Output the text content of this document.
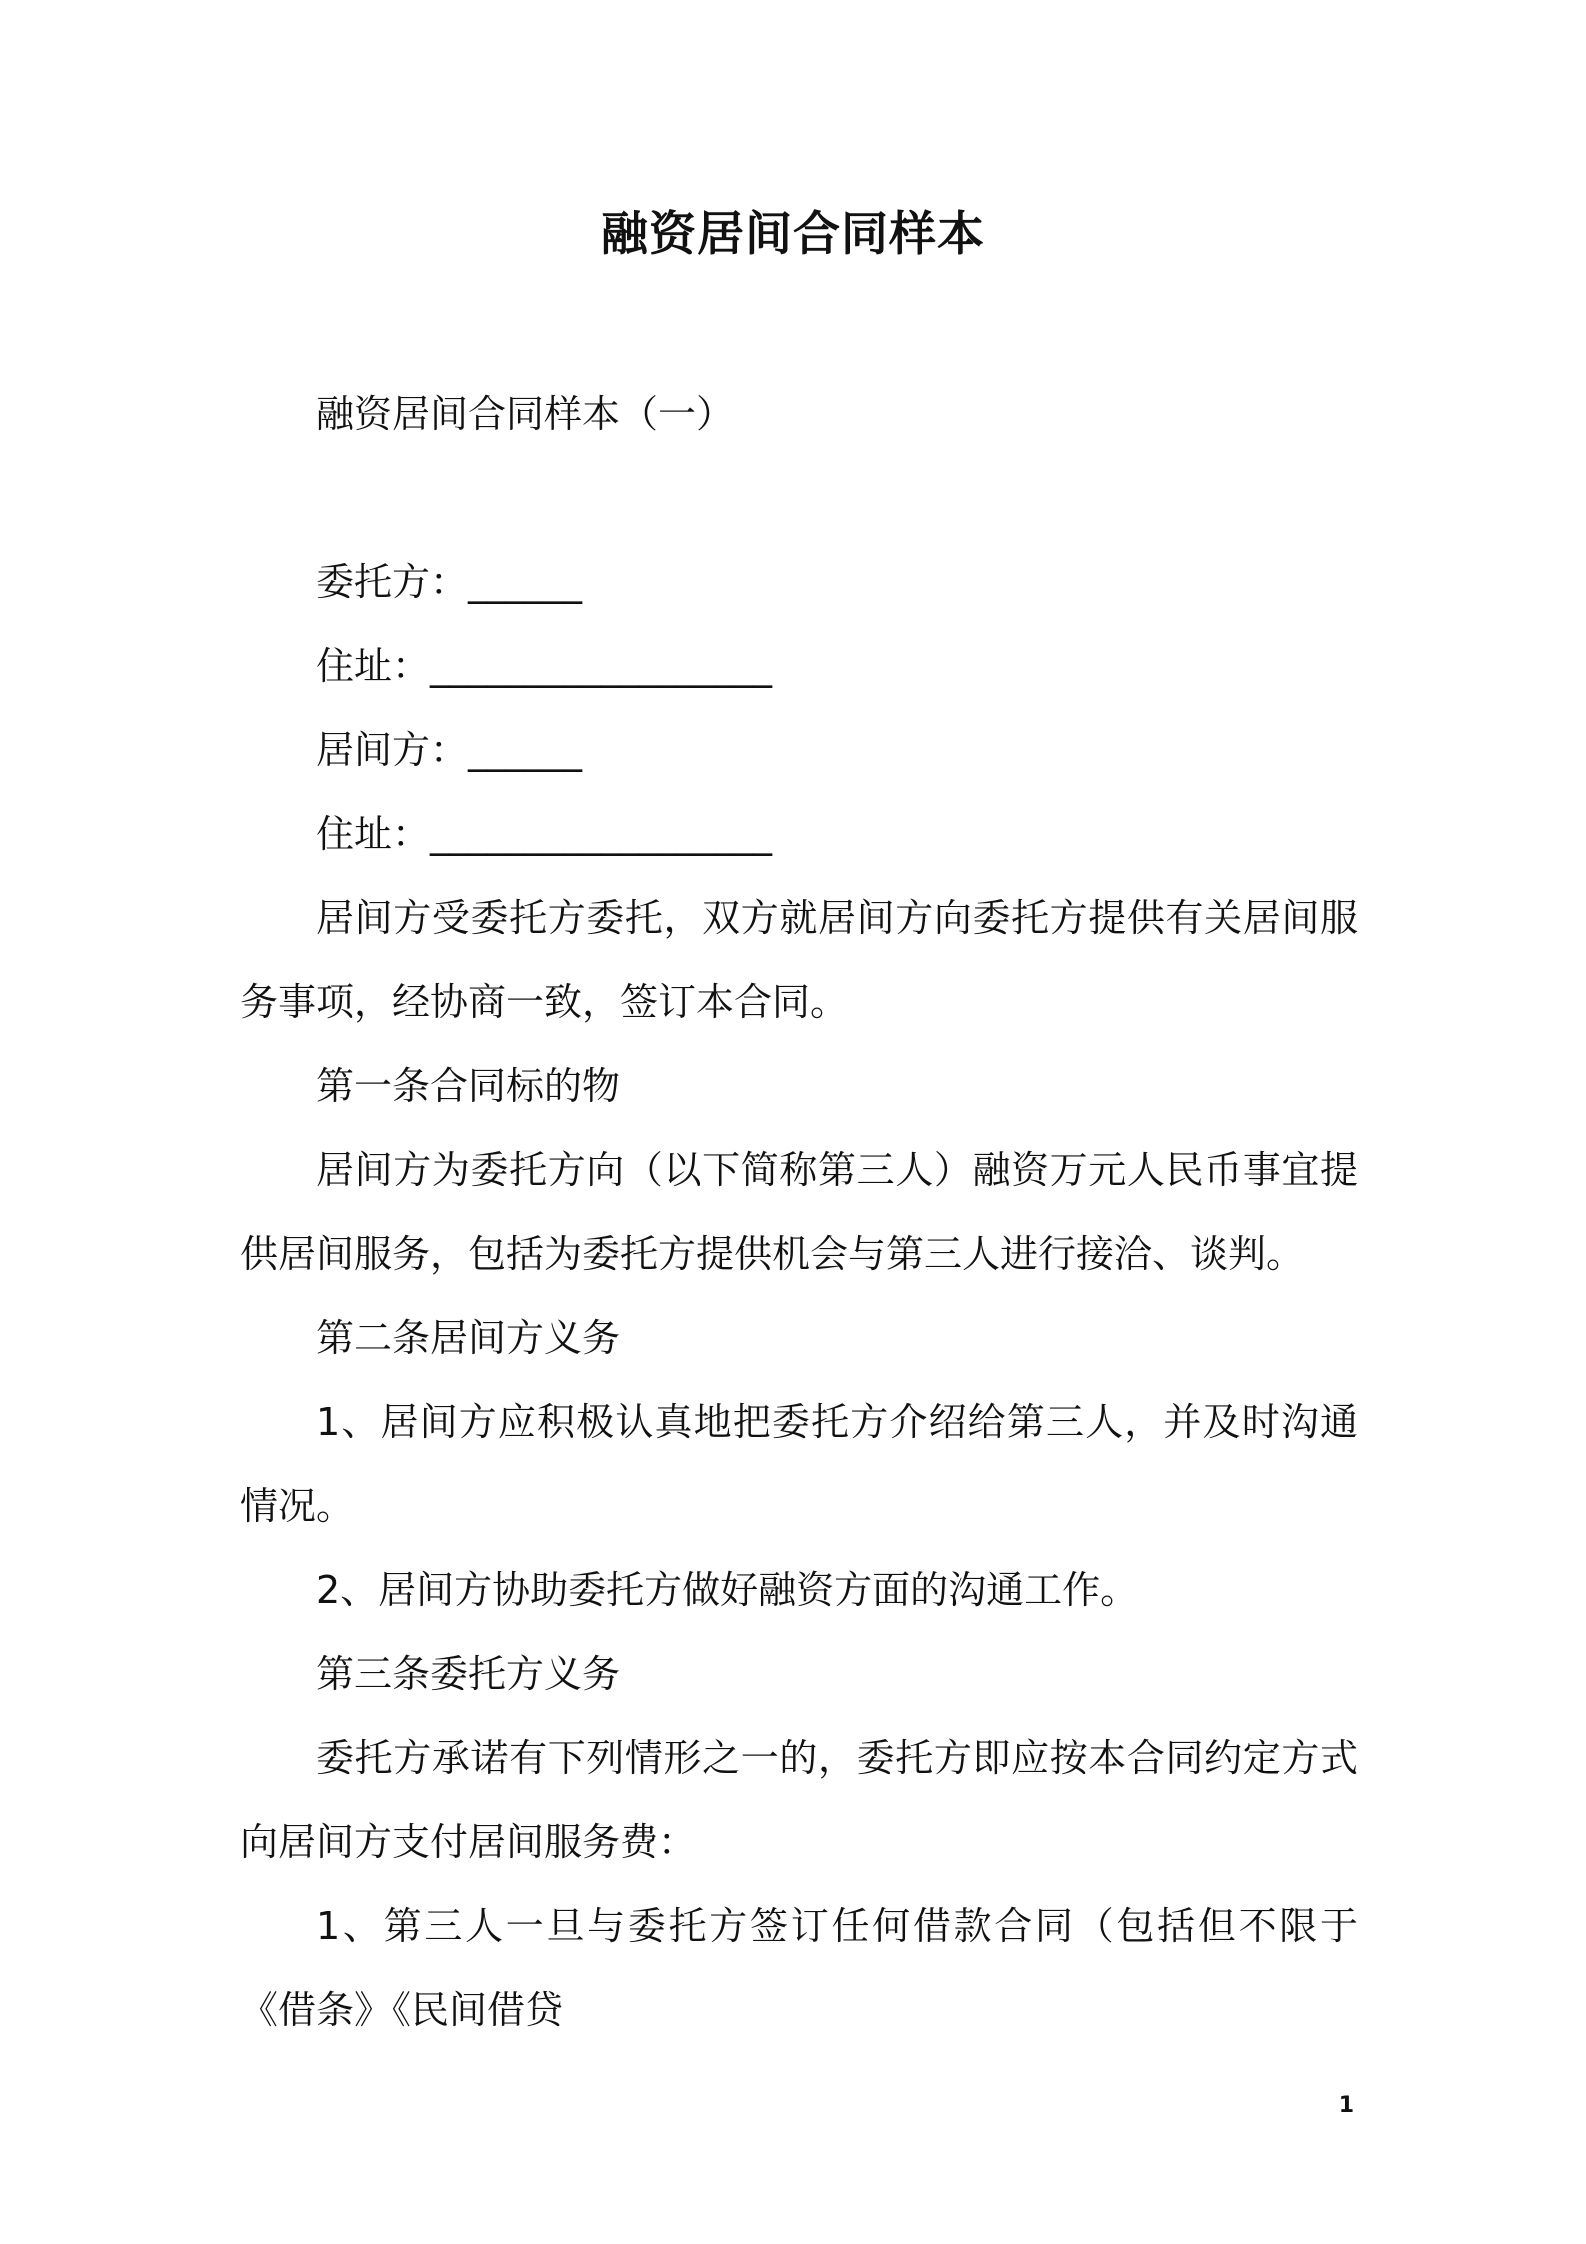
融资居间合同样本

融资居间合同样本（一）

委托方：______

住址：__________________

居间方：______

住址：__________________

居间方受委托方委托，双方就居间方向委托方提供有关居间服务事项，经协商一致，签订本合同。

第一条合同标的物

居间方为委托方向（以下简称第三人）融资万元人民币事宜提供居间服务，包括为委托方提供机会与第三人进行接洽、谈判。

第二条居间方义务

1、居间方应积极认真地把委托方介绍给第三人，并及时沟通情况。

2、居间方协助委托方做好融资方面的沟通工作。

第三条委托方义务

委托方承诺有下列情形之一的，委托方即应按本合同约定方式向居间方支付居间服务费：

1、第三人一旦与委托方签订任何借款合同（包括但不限于《借条》《民间借贷

1
